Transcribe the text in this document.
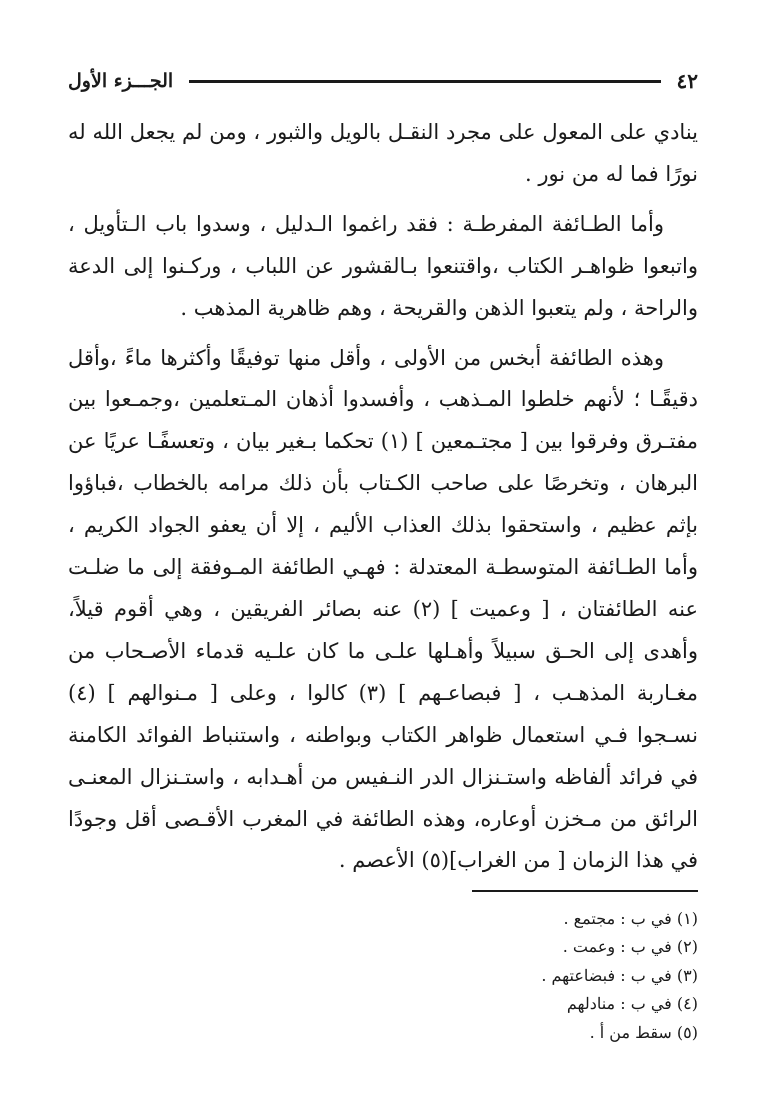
٤٢
الجـــزء الأول

ينادي على المعول على مجرد النقـل بالويل والثبور ، ومن لم يجعل الله له نورًا فما له من نور .

وأما الطـائفة المفرطـة : فقد راغموا الـدليل ، وسدوا باب الـتأويل ، واتبعوا ظواهـر الكتاب ،واقتنعوا بـالقشور عن اللباب ، وركـنوا إلى الدعة والراحة ، ولم يتعبوا الذهن والقريحة ، وهم ظاهرية المذهب .

وهذه الطائفة أبخس من الأولى ، وأقل منها توفيقًا وأكثرها ماءً ،وأقل دقيقًـا ؛ لأنهم خلطوا المـذهب ، وأفسدوا أذهان المـتعلمين ،وجمـعوا بين مفتـرق وفرقوا بين [ مجتـمعين ] (١) تحكما بـغير بيان ، وتعسفًـا عريًا عن البرهان ، وتخرصًا على صاحب الكـتاب بأن ذلك مرامه بالخطاب ،فباؤوا بإثم عظيم ، واستحقوا بذلك العذاب الأليم ، إلا أن يعفو الجواد الكريم ، وأما الطـائفة المتوسطـة المعتدلة : فهـي الطائفة المـوفقة إلى ما ضلـت عنه الطائفتان ، [ وعميت ] (٢) عنه بصائر الفريقين ، وهي أقوم قيلاً، وأهدى إلى الحـق سبيلاً وأهـلها علـى ما كان علـيه قدماء الأصـحاب من مغـاربة المذهـب ، [ فبصاعـهم ] (٣) كالوا ، وعلى [ مـنوالهم ] (٤) نسـجوا فـي استعمال ظواهر الكتاب وبواطنه ، واستنباط الفوائد الكامنة في فرائد ألفاظه واستـنزال الدر النـفيس من أهـدابه ، واستـنزال المعنـى الرائق من مـخزن أوعاره، وهذه الطائفة في المغرب الأقـصى أقل وجودًا في هذا الزمان [ من الغراب](٥) الأعصم .

(١) في ب : مجتمع .

(٢) في ب : وعمت .

(٣) في ب : فبضاعتهم .

(٤) في ب : منادلهم

(٥) سقط من أ .
